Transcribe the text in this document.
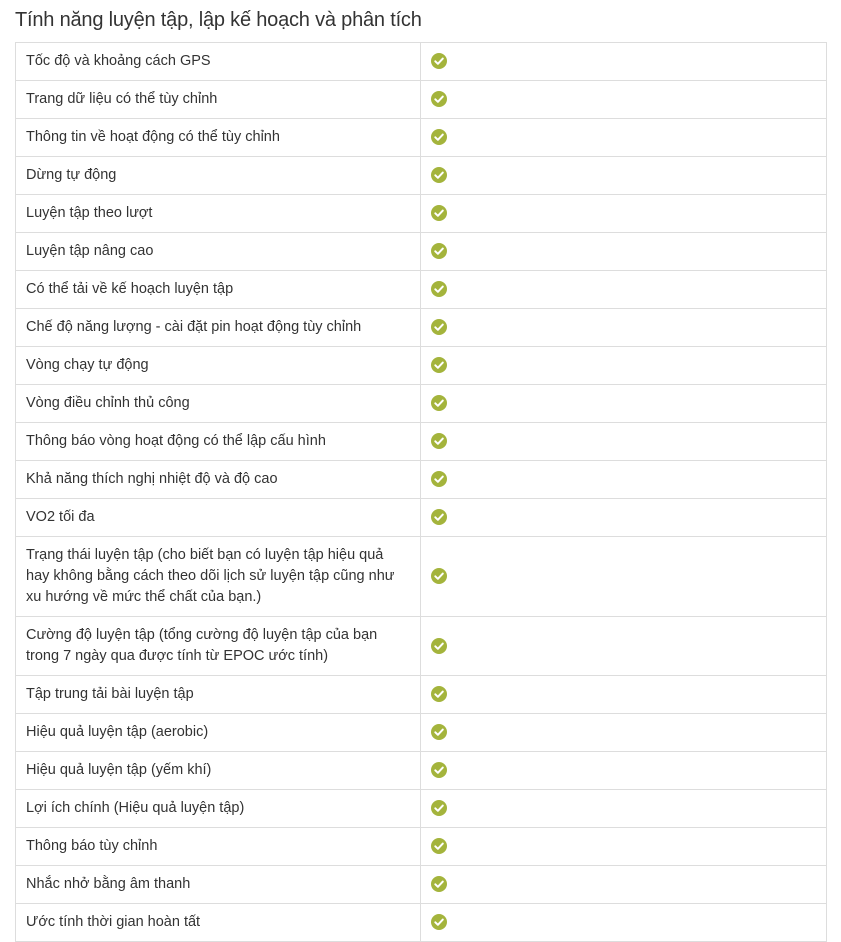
Tính năng luyện tập, lập kế hoạch và phân tích
Tốc độ và khoảng cách GPS	

Trang dữ liệu có thể tùy chỉnh	

Thông tin về hoạt động có thể tùy chỉnh	

Dừng tự động	

Luyện tập theo lượt	

Luyện tập nâng cao	

Có thể tải về kế hoạch luyện tập	

Chế độ năng lượng - cài đặt pin hoạt động tùy chỉnh	

Vòng chạy tự động	

Vòng điều chỉnh thủ công	

Thông báo vòng hoạt động có thể lập cấu hình	

Khả năng thích nghị nhiệt độ và độ cao	

VO2 tối đa	

Trạng thái luyện tập (cho biết bạn có luyện tập hiệu quả hay không bằng cách theo dõi lịch sử luyện tập cũng như xu hướng về mức thể chất của bạn.)	

Cường độ luyện tập (tổng cường độ luyện tập của bạn trong 7 ngày qua được tính từ EPOC ước tính)	

Tập trung tải bài luyện tập	

Hiệu quả luyện tập (aerobic)	

Hiệu quả luyện tập (yếm khí)	

Lợi ích chính (Hiệu quả luyện tập)	

Thông báo tùy chỉnh	

Nhắc nhở bằng âm thanh	

Ước tính thời gian hoàn tất	
